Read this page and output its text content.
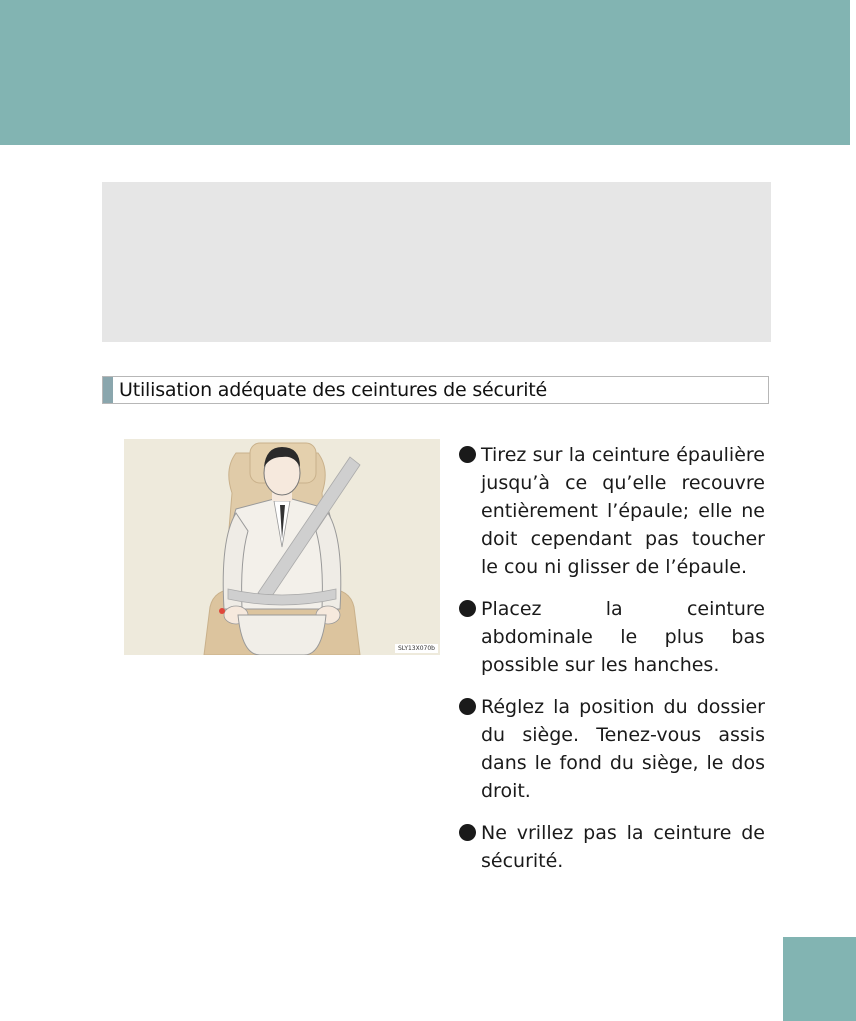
Utilisation adéquate des ceintures de sécurité
SLY13X070b
Tirez sur la ceinture épaulière jusqu’à ce qu’elle recouvre entièrement l’épaule; elle ne doit cependant pas toucher le cou ni glisser de l’épaule.
Placez la ceinture abdominale le plus bas possible sur les hanches.
Réglez la position du dossier du siège. Tenez-vous assis dans le fond du siège, le dos droit.
Ne vrillez pas la ceinture de sécurité.
